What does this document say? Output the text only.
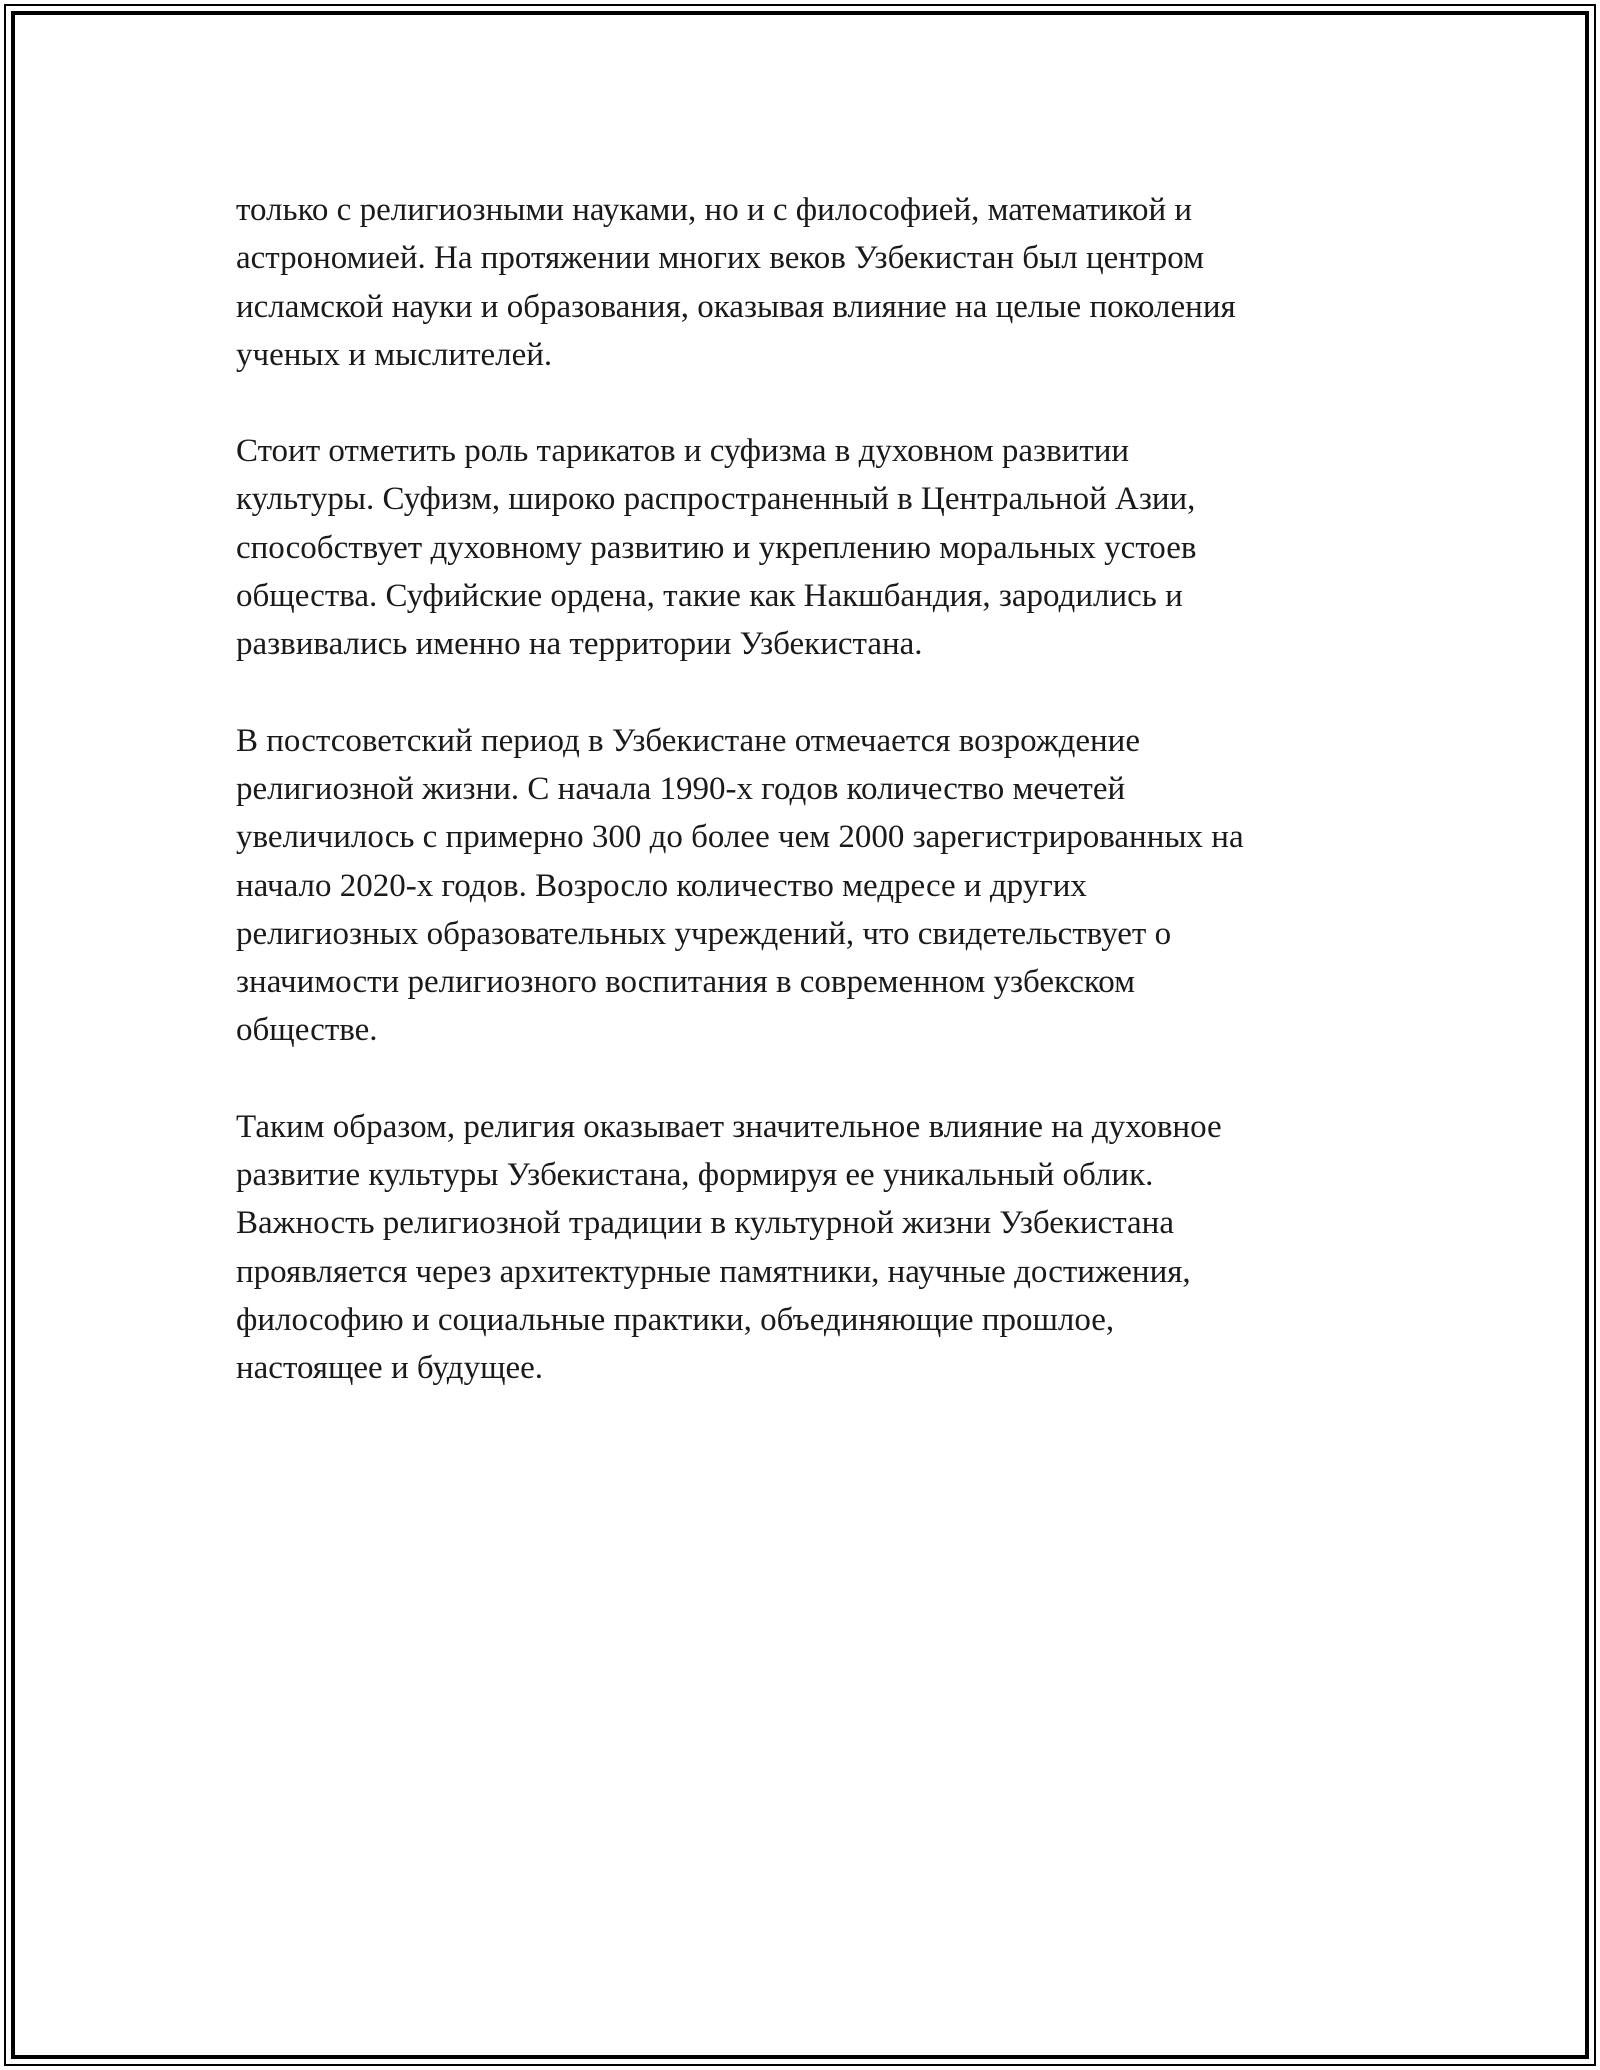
только с религиозными науками, но и с философией, математикой и
астрономией. На протяжении многих веков Узбекистан был центром
исламской науки и образования, оказывая влияние на целые поколения
ученых и мыслителей.

Стоит отметить роль тарикатов и суфизма в духовном развитии
культуры. Суфизм, широко распространенный в Центральной Азии,
способствует духовному развитию и укреплению моральных устоев
общества. Суфийские ордена, такие как Накшбандия, зародились и
развивались именно на территории Узбекистана.

В постсоветский период в Узбекистане отмечается возрождение
религиозной жизни. С начала 1990-х годов количество мечетей
увеличилось с примерно 300 до более чем 2000 зарегистрированных на
начало 2020-х годов. Возросло количество медресе и других
религиозных образовательных учреждений, что свидетельствует о
значимости религиозного воспитания в современном узбекском
обществе.

Таким образом, религия оказывает значительное влияние на духовное
развитие культуры Узбекистана, формируя ее уникальный облик.
Важность религиозной традиции в культурной жизни Узбекистана
проявляется через архитектурные памятники, научные достижения,
философию и социальные практики, объединяющие прошлое,
настоящее и будущее.
